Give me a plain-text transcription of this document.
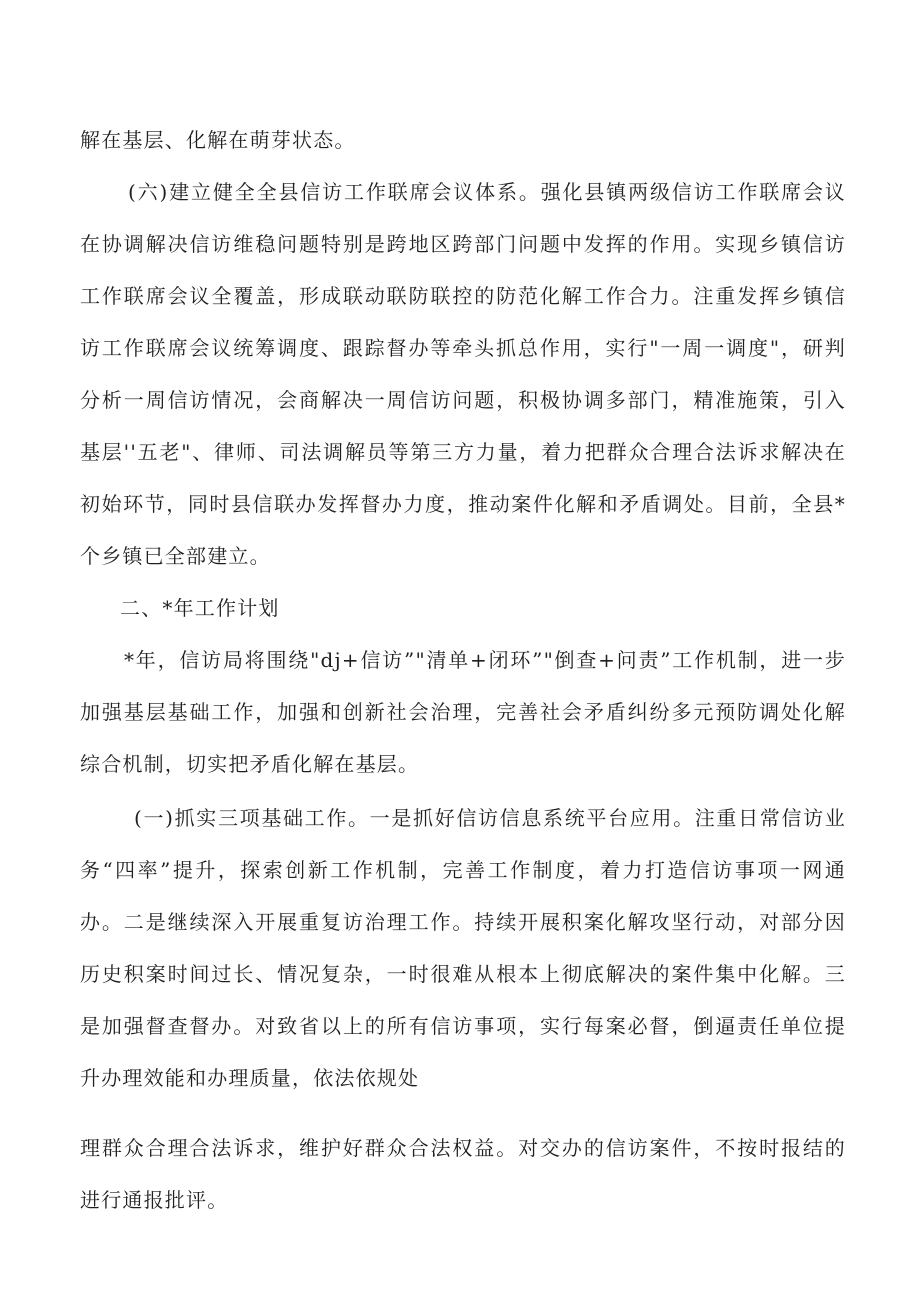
解在基层、化解在萌芽状态。
(六)建立健全全县信访工作联席会议体系。强化县镇两级信访工作联席会议
在协调解决信访维稳问题特别是跨地区跨部门问题中发挥的作用。实现乡镇信访
工作联席会议全覆盖，形成联动联防联控的防范化解工作合力。注重发挥乡镇信
访工作联席会议统筹调度、跟踪督办等牵头抓总作用，实行"一周一调度"，研判
分析一周信访情况，会商解决一周信访问题，积极协调多部门，精准施策，引入
基层''五老"、律师、司法调解员等第三方力量，着力把群众合理合法诉求解决在
初始环节，同时县信联办发挥督办力度，推动案件化解和矛盾调处。目前，全县*
个乡镇已全部建立。
二、*年工作计划
*年，信访局将围绕"dj+信访”"清单+闭环”"倒查+问责”工作机制，进一步
加强基层基础工作，加强和创新社会治理，完善社会矛盾纠纷多元预防调处化解
综合机制，切实把矛盾化解在基层。
(一)抓实三项基础工作。一是抓好信访信息系统平台应用。注重日常信访业
务“四率”提升，探索创新工作机制，完善工作制度，着力打造信访事项一网通
办。二是继续深入开展重复访治理工作。持续开展积案化解攻坚行动，对部分因
历史积案时间过长、情况复杂，一时很难从根本上彻底解决的案件集中化解。三
是加强督查督办。对致省以上的所有信访事项，实行每案必督，倒逼责任单位提
升办理效能和办理质量，依法依规处
理群众合理合法诉求，维护好群众合法权益。对交办的信访案件，不按时报结的
进行通报批评。
